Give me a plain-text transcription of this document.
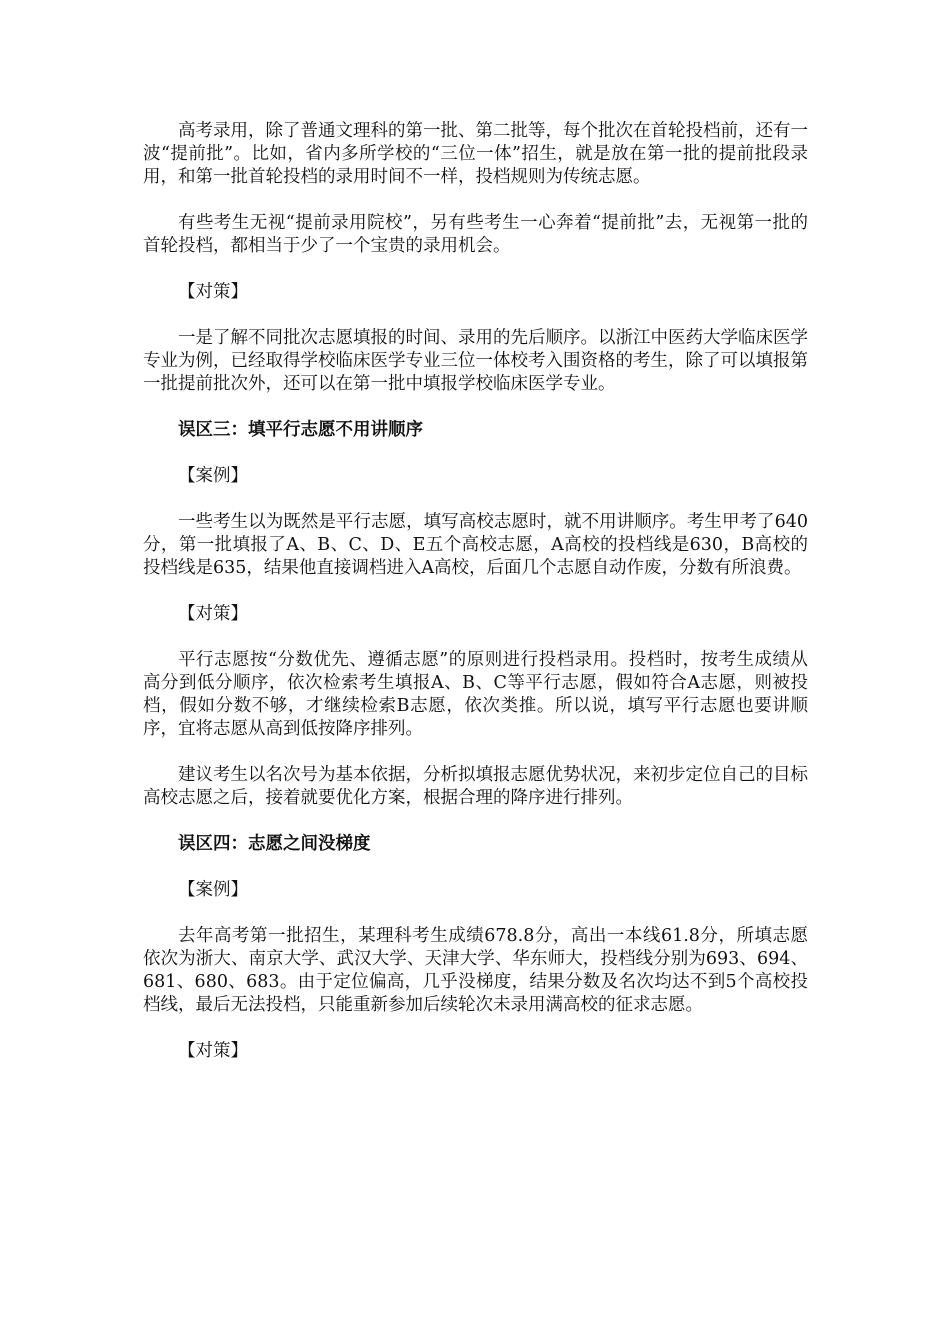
高考录用，除了普通文理科的第一批、第二批等，每个批次在首轮投档前，还有一波“提前批”。比如，省内多所学校的“三位一体”招生，就是放在第一批的提前批段录用，和第一批首轮投档的录用时间不一样，投档规则为传统志愿。

有些考生无视“提前录用院校”，另有些考生一心奔着“提前批”去，无视第一批的首轮投档，都相当于少了一个宝贵的录用机会。

【对策】

一是了解不同批次志愿填报的时间、录用的先后顺序。以浙江中医药大学临床医学专业为例，已经取得学校临床医学专业三位一体校考入围资格的考生，除了可以填报第一批提前批次外，还可以在第一批中填报学校临床医学专业。

误区三：填平行志愿不用讲顺序

【案例】

一些考生以为既然是平行志愿，填写高校志愿时，就不用讲顺序。考生甲考了640分，第一批填报了A、B、C、D、E五个高校志愿，A高校的投档线是630，B高校的投档线是635，结果他直接调档进入A高校，后面几个志愿自动作废，分数有所浪费。

【对策】

平行志愿按“分数优先、遵循志愿”的原则进行投档录用。投档时，按考生成绩从高分到低分顺序，依次检索考生填报A、B、C等平行志愿，假如符合A志愿，则被投档，假如分数不够，才继续检索B志愿，依次类推。所以说，填写平行志愿也要讲顺序，宜将志愿从高到低按降序排列。

建议考生以名次号为基本依据，分析拟填报志愿优势状况，来初步定位自己的目标高校志愿之后，接着就要优化方案，根据合理的降序进行排列。

误区四：志愿之间没梯度

【案例】

去年高考第一批招生，某理科考生成绩678.8分，高出一本线61.8分，所填志愿依次为浙大、南京大学、武汉大学、天津大学、华东师大，投档线分别为693、694、681、680、683。由于定位偏高，几乎没梯度，结果分数及名次均达不到5个高校投档线，最后无法投档，只能重新参加后续轮次未录用满高校的征求志愿。

【对策】
